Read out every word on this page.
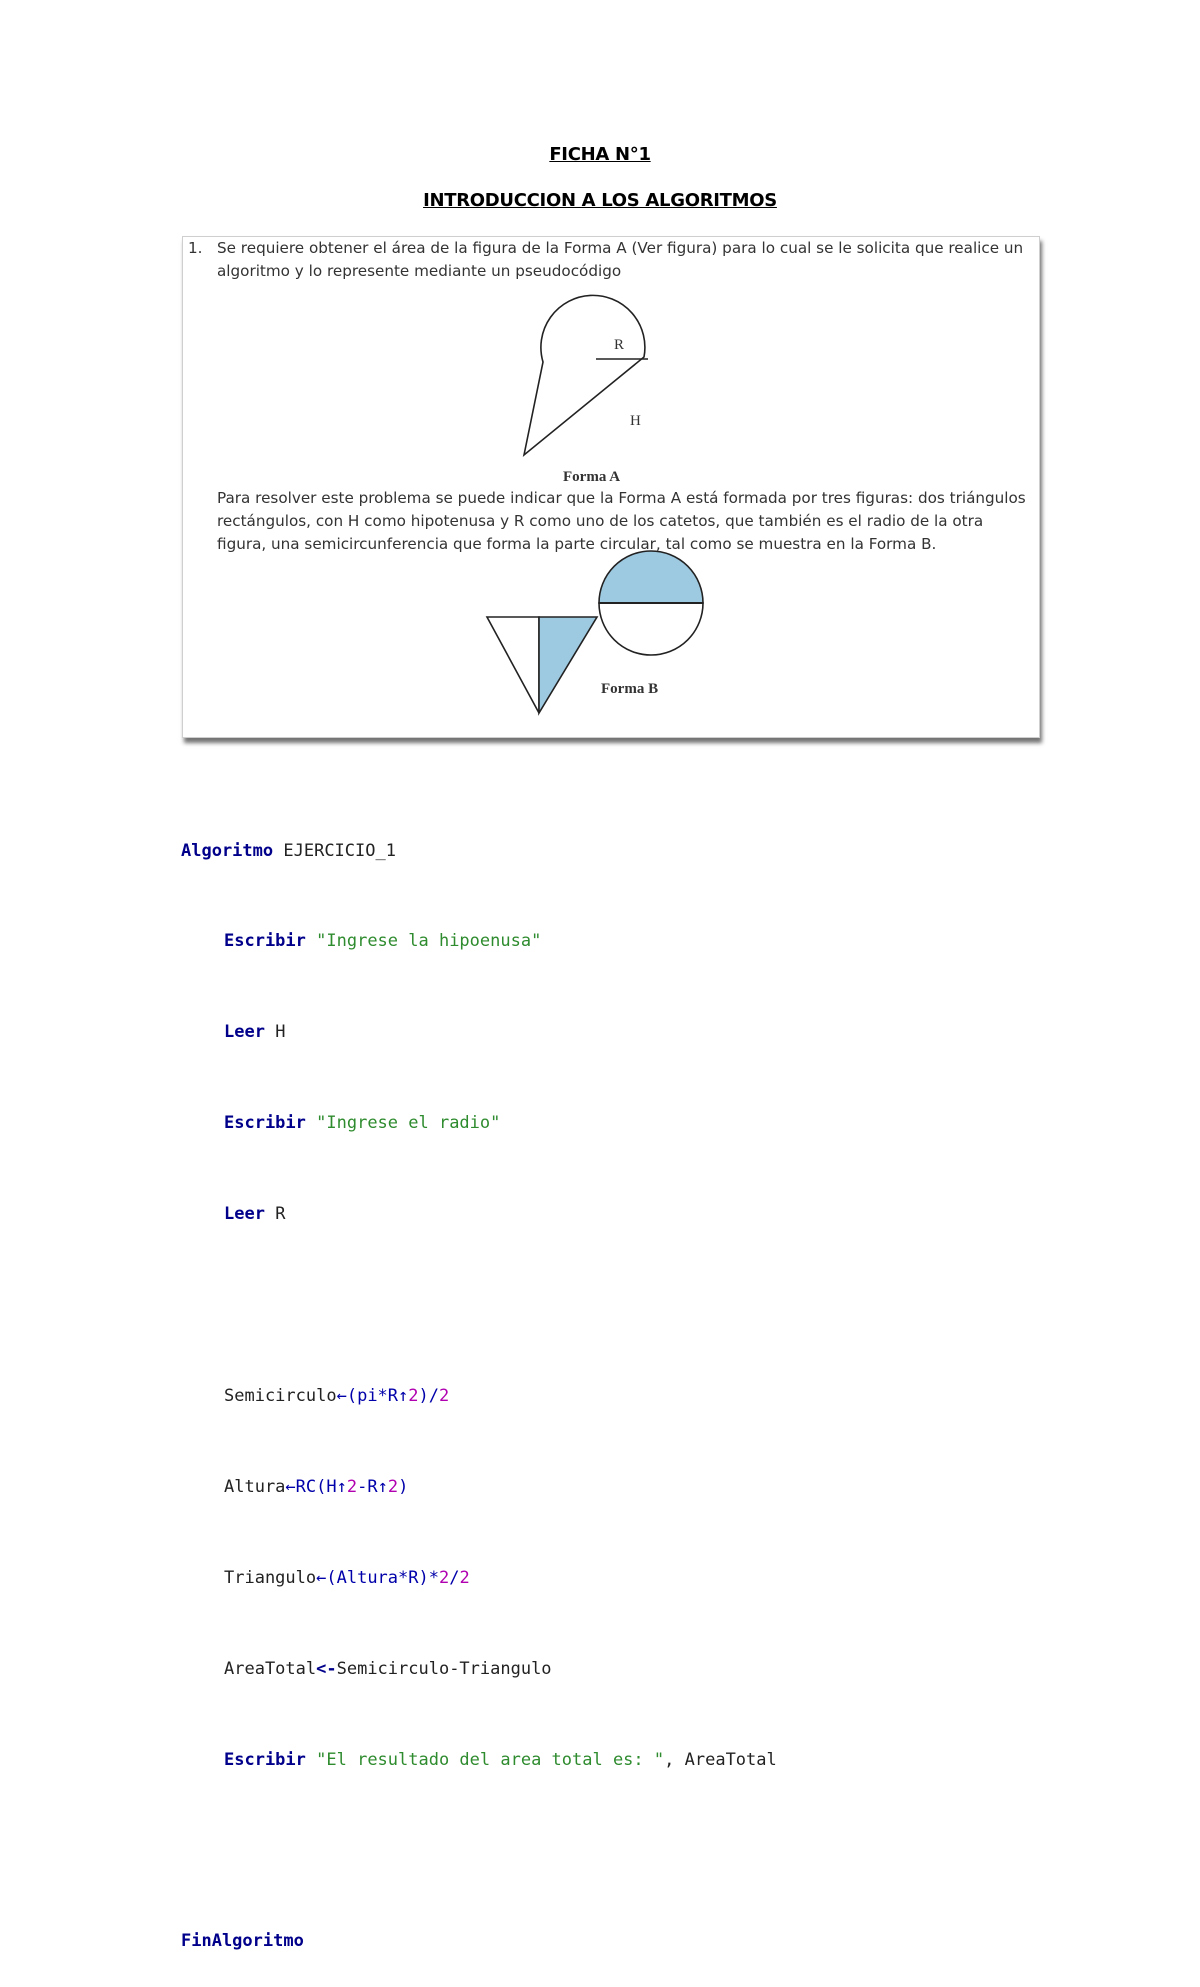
FICHA N°1
INTRODUCCION A LOS ALGORITMOS
1. Se requiere obtener el área de la figura de la Forma A (Ver figura) para lo cual se le solicita que realice un algoritmo y lo represente mediante un pseudocódigo
R
H
Forma A
Para resolver este problema se puede indicar que la Forma A está formada por tres figuras: dos triángulos rectángulos, con H como hipotenusa y R como uno de los catetos, que también es el radio de la otra figura, una semicircunferencia que forma la parte circular, tal como se muestra en la Forma B.
Forma B

Algoritmo EJERCICIO_1

Escribir "Ingrese la hipoenusa"

Leer H

Escribir "Ingrese el radio"

Leer R

Semicirculo←(pi*R↑2)/2

Altura←RC(H↑2-R↑2)

Triangulo←(Altura*R)*2/2

AreaTotal<-Semicirculo-Triangulo

Escribir "El resultado del area total es: ", AreaTotal

FinAlgoritmo
